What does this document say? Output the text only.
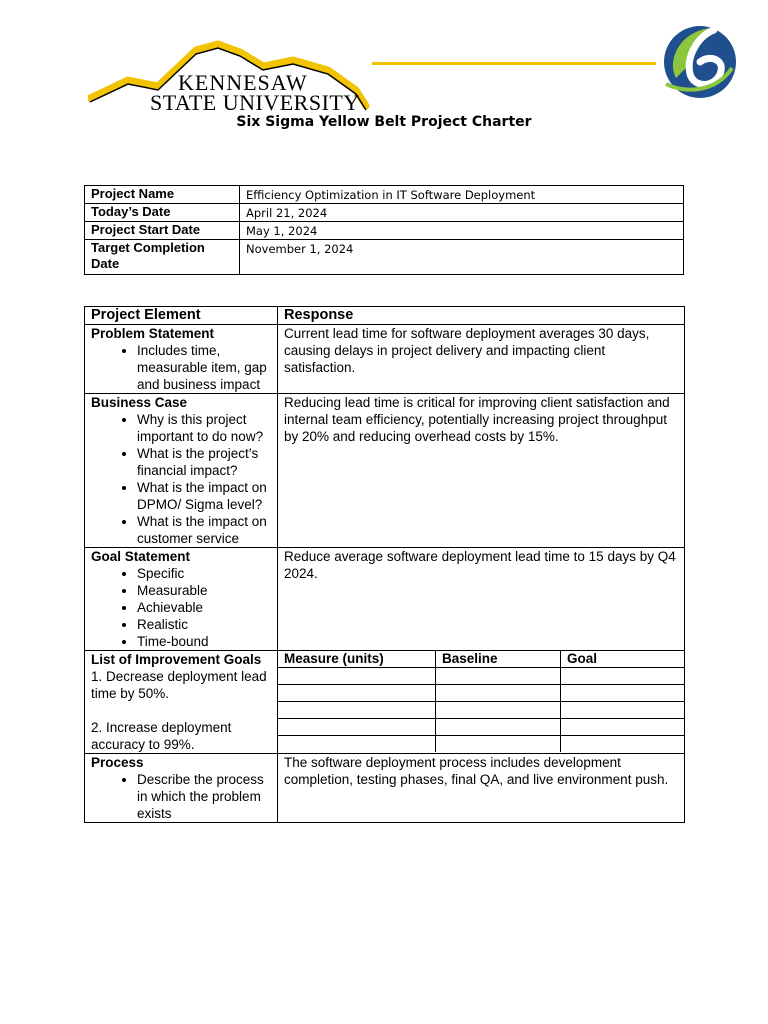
KENNESAW
STATE UNIVERSITY
Six Sigma Yellow Belt Project Charter
Project Name	Efficiency Optimization in IT Software Deployment
Today’s Date	April 21, 2024
Project Start Date	May 1, 2024
Target Completion Date	November 1, 2024
Project Element	Response

Problem Statement
• Includes time, measurable item, gap and business impact
	Current lead time for software deployment averages 30 days, causing delays in project delivery and impacting client satisfaction.

Business Case
• Why is this project important to do now?
• What is the project’s financial impact?
• What is the impact on DPMO/ Sigma level?
• What is the impact on customer service
	Reducing lead time is critical for improving client satisfaction and internal team efficiency, potentially increasing project throughput by 20% and reducing overhead costs by 15%.

Goal Statement
• Specific
• Measurable
• Achievable
• Realistic
• Time-bound
	Reduce average software deployment lead time to 15 days by Q4 2024.

List of Improvement Goals
1. Decrease deployment lead time by 50%.
2. Increase deployment accuracy to 99%.

Measure (units)	Baseline	Goal

Process
• Describe the process in which the problem exists
	The software deployment process includes development completion, testing phases, final QA, and live environment push.
